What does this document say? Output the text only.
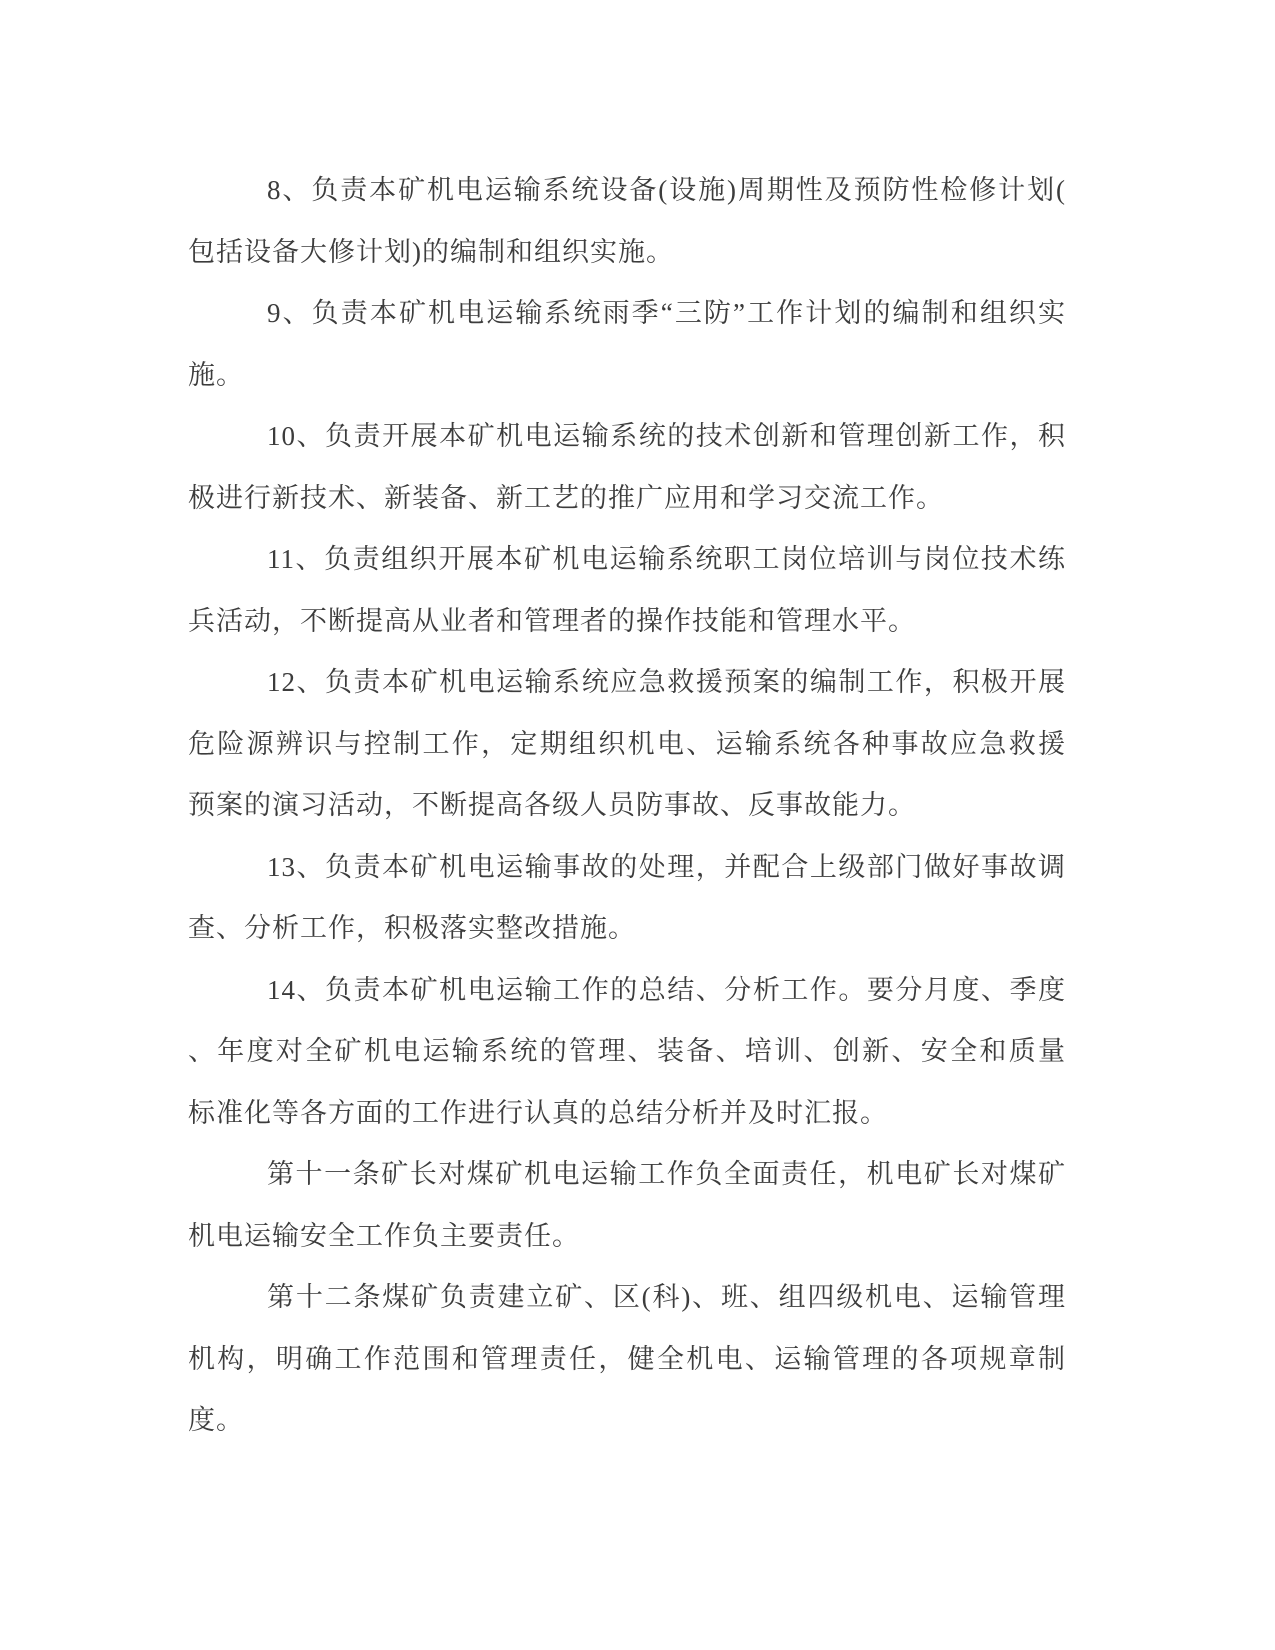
8、负责本矿机电运输系统设备(设施)周期性及预防性检修计划(
包括设备大修计划)的编制和组织实施。
9、负责本矿机电运输系统雨季“三防”工作计划的编制和组织实
施。
10、负责开展本矿机电运输系统的技术创新和管理创新工作，积
极进行新技术、新装备、新工艺的推广应用和学习交流工作。
11、负责组织开展本矿机电运输系统职工岗位培训与岗位技术练
兵活动，不断提高从业者和管理者的操作技能和管理水平。
12、负责本矿机电运输系统应急救援预案的编制工作，积极开展
危险源辨识与控制工作，定期组织机电、运输系统各种事故应急救援
预案的演习活动，不断提高各级人员防事故、反事故能力。
13、负责本矿机电运输事故的处理，并配合上级部门做好事故调
查、分析工作，积极落实整改措施。
14、负责本矿机电运输工作的总结、分析工作。要分月度、季度
、年度对全矿机电运输系统的管理、装备、培训、创新、安全和质量
标准化等各方面的工作进行认真的总结分析并及时汇报。
第十一条矿长对煤矿机电运输工作负全面责任，机电矿长对煤矿
机电运输安全工作负主要责任。
第十二条煤矿负责建立矿、区(科)、班、组四级机电、运输管理
机构，明确工作范围和管理责任，健全机电、运输管理的各项规章制
度。
